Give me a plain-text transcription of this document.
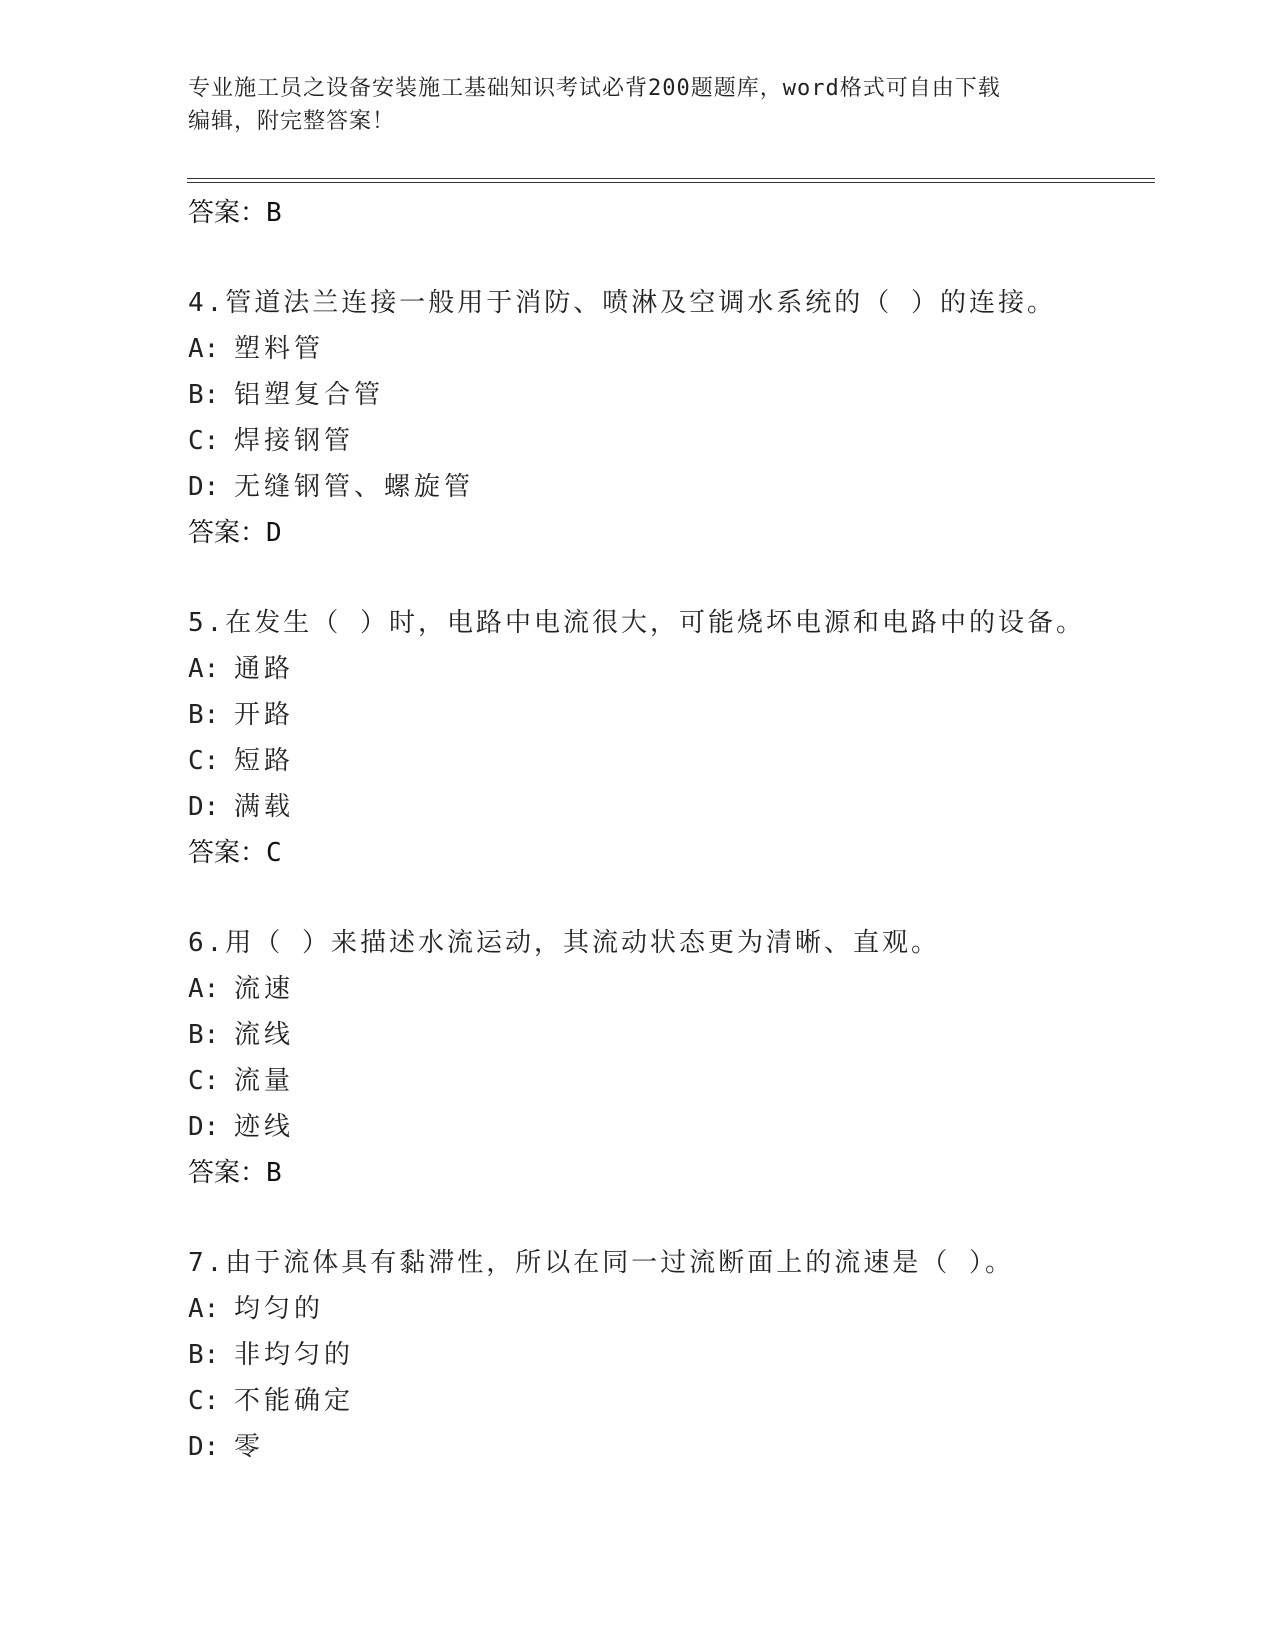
专业施工员之设备安装施工基础知识考试必背200题题库，word格式可自由下载
编辑，附完整答案！
答案：B
4.管道法兰连接一般用于消防、喷淋及空调水系统的（ ）的连接。
A: 塑料管
B: 铝塑复合管
C: 焊接钢管
D: 无缝钢管、螺旋管
答案：D
5.在发生（ ）时，电路中电流很大，可能烧坏电源和电路中的设备。
A: 通路
B: 开路
C: 短路
D: 满载
答案：C
6.用（ ）来描述水流运动，其流动状态更为清晰、直观。
A: 流速
B: 流线
C: 流量
D: 迹线
答案：B
7.由于流体具有黏滞性，所以在同一过流断面上的流速是（ ）。
A: 均匀的
B: 非均匀的
C: 不能确定
D: 零
